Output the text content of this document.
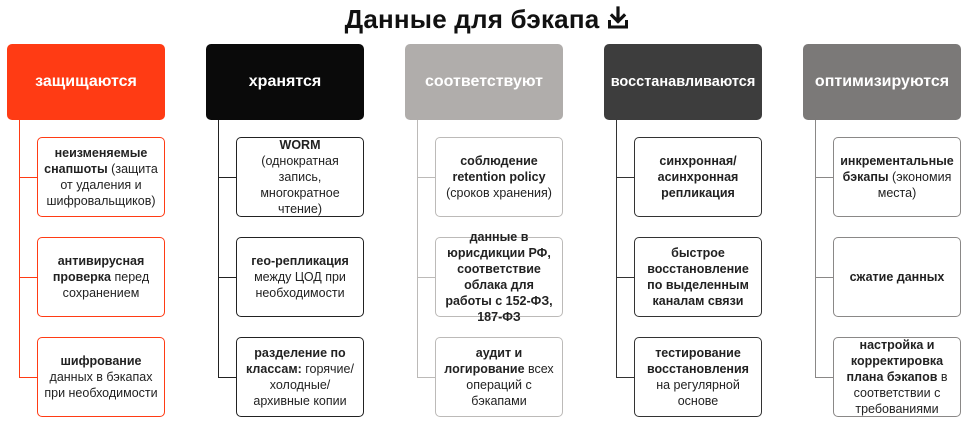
Данные для бэкапа
защищаются
неизменяемые снапшоты (защита от удаления и шифровальщиков)
антивирусная проверка перед сохранением
шифрование данных в бэкапах при необходимости
хранятся
WORM (однократная запись, многократное чтение)
гео-репликация между ЦОД при необходимости
разделение по классам: горячие/холодные/ архивные копии
соответствуют
соблюдение retention policy (сроков хранения)
данные в юрисдикции РФ, соответствие облака для работы с 152-ФЗ, 187-ФЗ
аудит и логирование всех операций с бэкапами
восстанавливаются
синхронная/асинхронная репликация
быстрое восстановление по выделенным каналам связи
тестирование восстановления на регулярной основе
оптимизируются
инкрементальные бэкапы (экономия места)
сжатие данных
настройка и корректировка плана бэкапов в соответствии с требованиями
